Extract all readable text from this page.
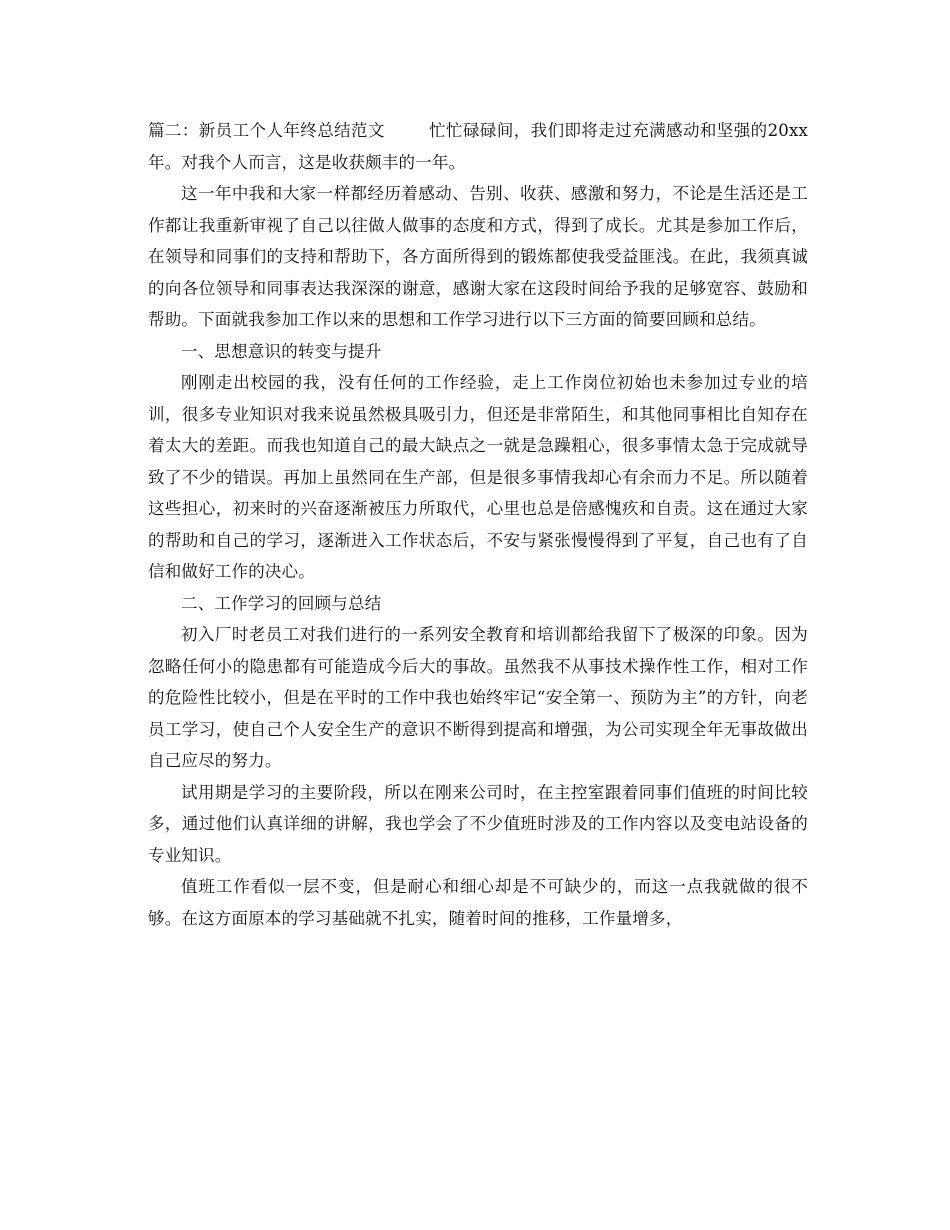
篇二：新员工个人年终总结范文	忙忙碌碌间，我们即将走过充满感动和坚强的20xx年。对我个人而言，这是收获颇丰的一年。

这一年中我和大家一样都经历着感动、告别、收获、感激和努力，不论是生活还是工作都让我重新审视了自己以往做人做事的态度和方式，得到了成长。尤其是参加工作后，在领导和同事们的支持和帮助下，各方面所得到的锻炼都使我受益匪浅。在此，我须真诚的向各位领导和同事表达我深深的谢意，感谢大家在这段时间给予我的足够宽容、鼓励和帮助。下面就我参加工作以来的思想和工作学习进行以下三方面的简要回顾和总结。

一、思想意识的转变与提升

刚刚走出校园的我，没有任何的工作经验，走上工作岗位初始也未参加过专业的培训，很多专业知识对我来说虽然极具吸引力，但还是非常陌生，和其他同事相比自知存在着太大的差距。而我也知道自己的最大缺点之一就是急躁粗心，很多事情太急于完成就导致了不少的错误。再加上虽然同在生产部，但是很多事情我却心有余而力不足。所以随着这些担心，初来时的兴奋逐渐被压力所取代，心里也总是倍感愧疚和自责。这在通过大家的帮助和自己的学习，逐渐进入工作状态后，不安与紧张慢慢得到了平复，自己也有了自信和做好工作的决心。

二、工作学习的回顾与总结

初入厂时老员工对我们进行的一系列安全教育和培训都给我留下了极深的印象。因为忽略任何小的隐患都有可能造成今后大的事故。虽然我不从事技术操作性工作，相对工作的危险性比较小，但是在平时的工作中我也始终牢记“安全第一、预防为主”的方针，向老员工学习，使自己个人安全生产的意识不断得到提高和增强，为公司实现全年无事故做出自己应尽的努力。

试用期是学习的主要阶段，所以在刚来公司时，在主控室跟着同事们值班的时间比较多，通过他们认真详细的讲解，我也学会了不少值班时涉及的工作内容以及变电站设备的专业知识。

值班工作看似一层不变，但是耐心和细心却是不可缺少的，而这一点我就做的很不够。在这方面原本的学习基础就不扎实，随着时间的推移，工作量增多，
